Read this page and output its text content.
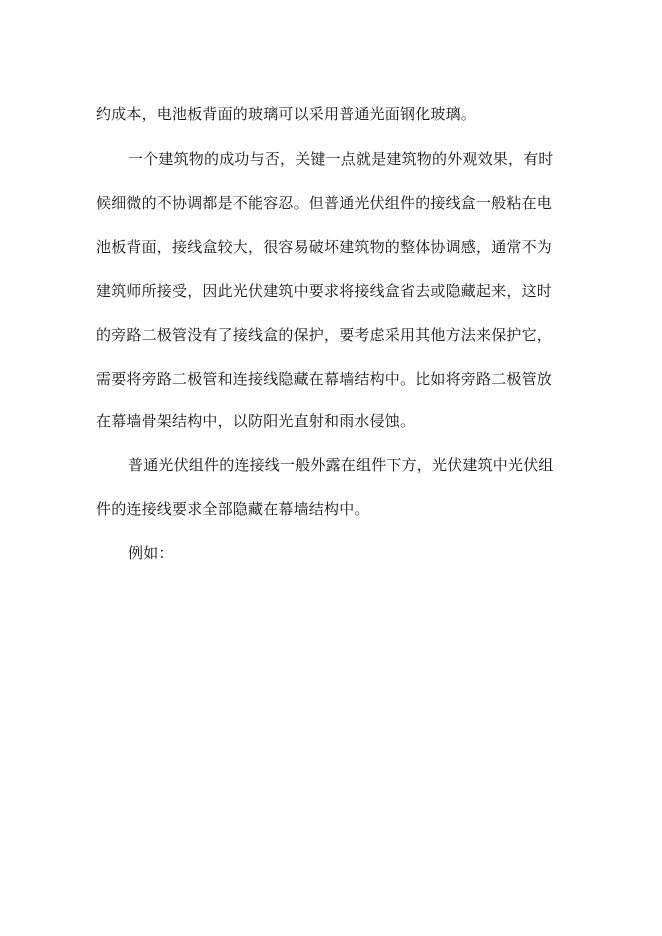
约成本，电池板背面的玻璃可以采用普通光面钢化玻璃。
一个建筑物的成功与否，关键一点就是建筑物的外观效果，有时
候细微的不协调都是不能容忍。但普通光伏组件的接线盒一般粘在电
池板背面，接线盒较大，很容易破坏建筑物的整体协调感，通常不为
建筑师所接受，因此光伏建筑中要求将接线盒省去或隐藏起来，这时
的旁路二极管没有了接线盒的保护，要考虑采用其他方法来保护它，
需要将旁路二极管和连接线隐藏在幕墙结构中。比如将旁路二极管放
在幕墙骨架结构中，以防阳光直射和雨水侵蚀。
普通光伏组件的连接线一般外露在组件下方，光伏建筑中光伏组
件的连接线要求全部隐藏在幕墙结构中。
例如：
